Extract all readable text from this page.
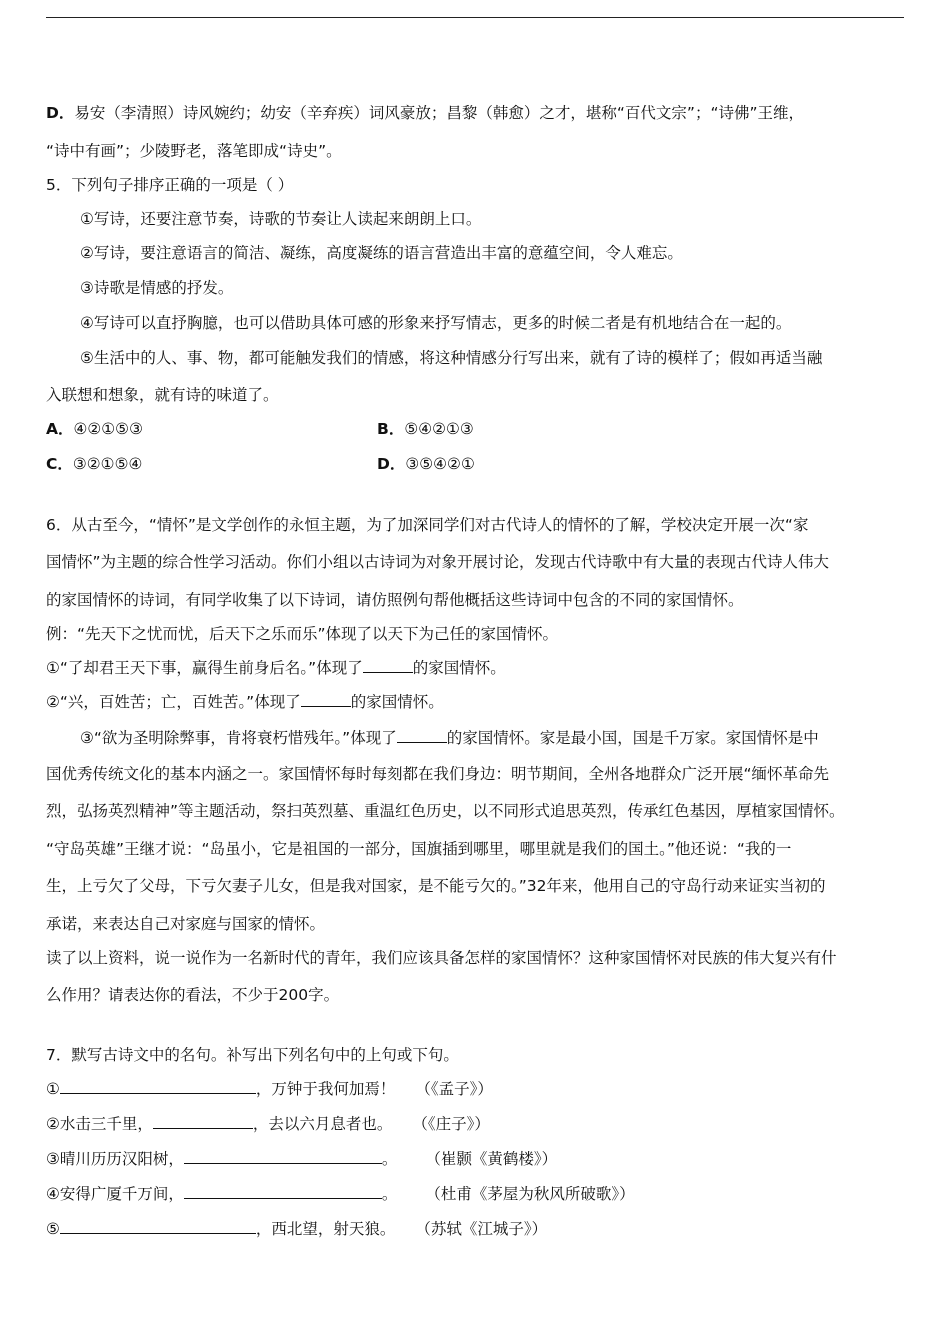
D．易安（李清照）诗风婉约；幼安（辛弃疾）词风豪放；昌黎（韩愈）之才，堪称“百代文宗”；“诗佛”王维，
“诗中有画”；少陵野老，落笔即成“诗史”。
5．下列句子排序正确的一项是（ ）
①写诗，还要注意节奏，诗歌的节奏让人读起来朗朗上口。
②写诗，要注意语言的简洁、凝练，高度凝练的语言营造出丰富的意蕴空间，令人难忘。
③诗歌是情感的抒发。
④写诗可以直抒胸臆，也可以借助具体可感的形象来抒写情志，更多的时候二者是有机地结合在一起的。
⑤生活中的人、事、物，都可能触发我们的情感，将这种情感分行写出来，就有了诗的模样了；假如再适当融
入联想和想象，就有诗的味道了。
A．④②①⑤③	B．⑤④②①③
C．③②①⑤④	D．③⑤④②①
6．从古至今，“情怀”是文学创作的永恒主题，为了加深同学们对古代诗人的情怀的了解，学校决定开展一次“家
国情怀”为主题的综合性学习活动。你们小组以古诗词为对象开展讨论，发现古代诗歌中有大量的表现古代诗人伟大
的家国情怀的诗词，有同学收集了以下诗词，请仿照例句帮他概括这些诗词中包含的不同的家国情怀。
例：“先天下之忧而忧，后天下之乐而乐”体现了以天下为己任的家国情怀。
①“了却君王天下事，赢得生前身后名。”体现了	的家国情怀。
②“兴，百姓苦；亡，百姓苦。”体现了	的家国情怀。
③“欲为圣明除弊事，肯将衰朽惜残年。”体现了	的家国情怀。家是最小国，国是千万家。家国情怀是中
国优秀传统文化的基本内涵之一。家国情怀每时每刻都在我们身边：明节期间，全州各地群众广泛开展“缅怀革命先
烈，弘扬英烈精神”等主题活动，祭扫英烈墓、重温红色历史，以不同形式追思英烈，传承红色基因，厚植家国情怀。
“守岛英雄”王继才说：“岛虽小，它是祖国的一部分，国旗插到哪里，哪里就是我们的国土。”他还说：“我的一
生，上亏欠了父母，下亏欠妻子儿女，但是我对国家，是不能亏欠的。”32年来，他用自己的守岛行动来证实当初的
承诺，来表达自己对家庭与国家的情怀。
读了以上资料，说一说作为一名新时代的青年，我们应该具备怎样的家国情怀？这种家国情怀对民族的伟大复兴有什
么作用？请表达你的看法，不少于200字。
7．默写古诗文中的名句。补写出下列名句中的上句或下句。
①	，万钟于我何加焉！ （《孟子》）
②水击三千里，	，去以六月息者也。 （《庄子》）
③晴川历历汉阳树，	。 （崔颢《黄鹤楼》）
④安得广厦千万间，	。 （杜甫《茅屋为秋风所破歌》）
⑤	，西北望，射天狼。 （苏轼《江城子》）
